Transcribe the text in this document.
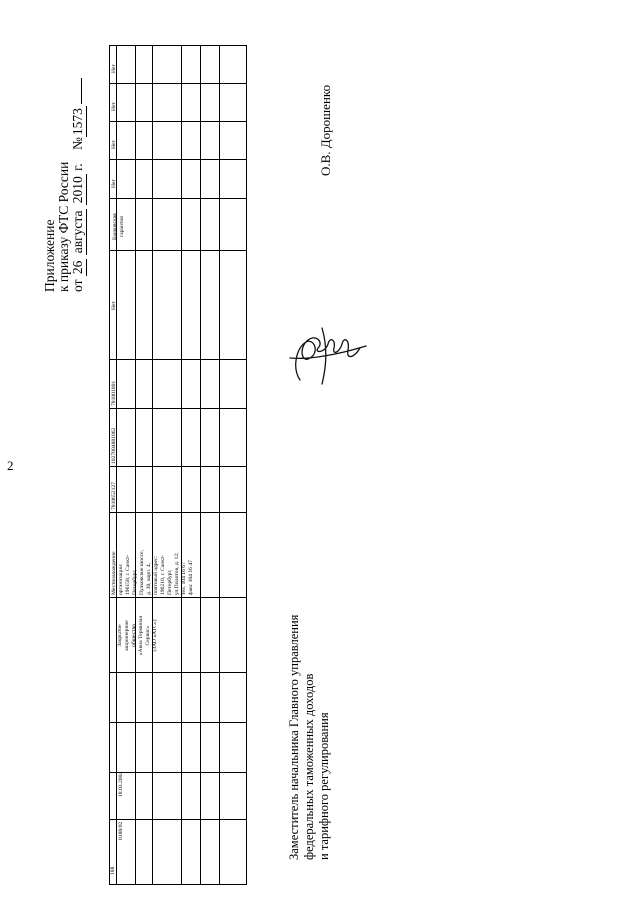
2
Приложение к приказу ФТС России от 26 августа 2010 г. №1573
188
0188/02
18.03.2004
Закрытое акционерное общество «Авиа Терминал Сервис» (ЗАО «АТС»)
Местонахождение организации: 196158, г. Санкт- Петербург, Пулковское шоссе, д. 30, корп. 4, почтовый адрес: 196210, г. Санкт- Петербург, ул.Пилотов, д. 12; тел. 104 16 67 факс 104 16 47
7810652127
1027804881862
781001001
Нет
Банковская гарантия
Нет
Нет
Нет
Нет
Заместитель начальника Главного управления федеральных таможенных доходов и тарифного регулирования
О.В. Дорошенко
